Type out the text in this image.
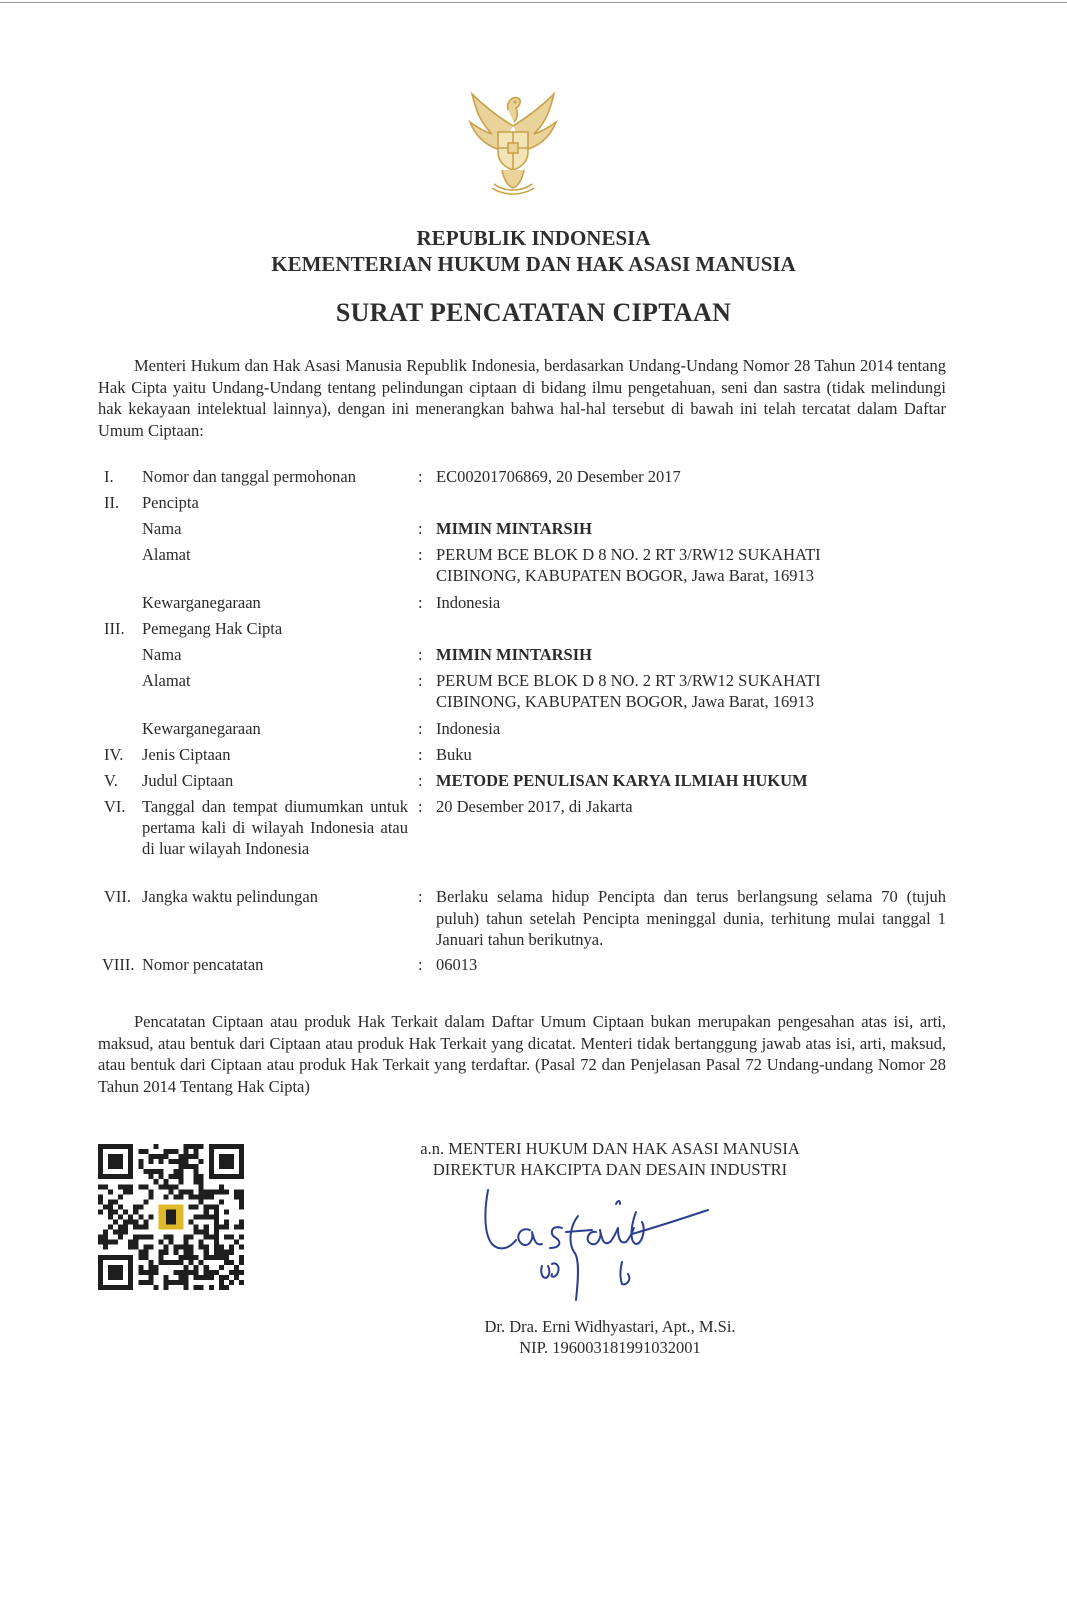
REPUBLIK INDONESIA
KEMENTERIAN HUKUM DAN HAK ASASI MANUSIA
SURAT PENCATATAN CIPTAAN
Menteri Hukum dan Hak Asasi Manusia Republik Indonesia, berdasarkan Undang-Undang Nomor 28 Tahun 2014 tentang Hak Cipta yaitu Undang-Undang tentang pelindungan ciptaan di bidang ilmu pengetahuan, seni dan sastra (tidak melindungi hak kekayaan intelektual lainnya), dengan ini menerangkan bahwa hal-hal tersebut di bawah ini telah tercatat dalam Daftar Umum Ciptaan:
I.	Nomor dan tanggal permohonan	: EC00201706869, 20 Desember 2017
II.	Pencipta
Nama	: MIMIN MINTARSIH
Alamat	: PERUM BCE BLOK D 8 NO. 2 RT 3/RW12 SUKAHATI
CIBINONG, KABUPATEN BOGOR, Jawa Barat, 16913
Kewarganegaraan	: Indonesia
III.	Pemegang Hak Cipta
Nama	: MIMIN MINTARSIH
Alamat	: PERUM BCE BLOK D 8 NO. 2 RT 3/RW12 SUKAHATI
CIBINONG, KABUPATEN BOGOR, Jawa Barat, 16913
Kewarganegaraan	: Indonesia
IV.	Jenis Ciptaan	: Buku
V.	Judul Ciptaan	: METODE PENULISAN KARYA ILMIAH HUKUM
VI. Tanggal dan tempat diumumkan untuk pertama kali di wilayah Indonesia atau di luar wilayah Indonesia
: 20 Desember 2017, di Jakarta
VII. Jangka waktu pelindungan	: Berlaku selama hidup Pencipta dan terus berlangsung selama 70 (tujuh puluh) tahun setelah Pencipta meninggal dunia, terhitung mulai tanggal 1 Januari tahun berikutnya.
VIII. Nomor pencatatan	: 06013
Pencatatan Ciptaan atau produk Hak Terkait dalam Daftar Umum Ciptaan bukan merupakan pengesahan atas isi, arti, maksud, atau bentuk dari Ciptaan atau produk Hak Terkait yang dicatat. Menteri tidak bertanggung jawab atas isi, arti, maksud, atau bentuk dari Ciptaan atau produk Hak Terkait yang terdaftar. (Pasal 72 dan Penjelasan Pasal 72 Undang-undang Nomor 28 Tahun 2014 Tentang Hak Cipta)
a.n. MENTERI HUKUM DAN HAK ASASI MANUSIA
DIREKTUR HAKCIPTA DAN DESAIN INDUSTRI
Dr. Dra. Erni Widhyastari, Apt., M.Si.
NIP. 196003181991032001
